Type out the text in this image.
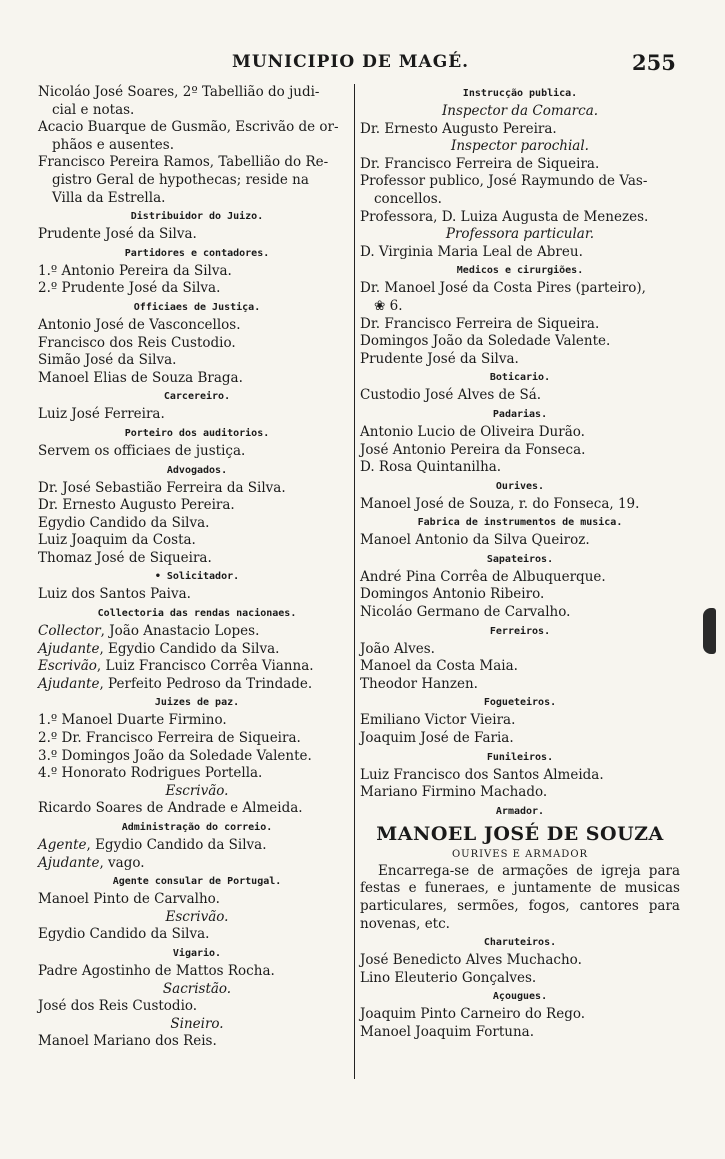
MUNICIPIO DE MAGÉ.	255
Nicoláo José Soares, 2º Tabellião do judi-
cial e notas.
Acacio Buarque de Gusmão, Escrivão de or-
phãos e ausentes.
Francisco Pereira Ramos, Tabellião do Re-
gistro Geral de hypothecas; reside na
Villa da Estrella.
Distribuidor do Juizo.
Prudente José da Silva.
Partidores e contadores.
1.º Antonio Pereira da Silva.
2.º Prudente José da Silva.
Officiaes de Justiça.
Antonio José de Vasconcellos.
Francisco dos Reis Custodio.
Simão José da Silva.
Manoel Elias de Souza Braga.
Carcereiro.
Luiz José Ferreira.
Porteiro dos auditorios.
Servem os officiaes de justiça.
Advogados.
Dr. José Sebastião Ferreira da Silva.
Dr. Ernesto Augusto Pereira.
Egydio Candido da Silva.
Luiz Joaquim da Costa.
Thomaz José de Siqueira.
• Solicitador.
Luiz dos Santos Paiva.
Collectoria das rendas nacionaes.
Collector, João Anastacio Lopes.
Ajudante, Egydio Candido da Silva.
Escrivão, Luiz Francisco Corrêa Vianna.
Ajudante, Perfeito Pedroso da Trindade.
Juizes de paz.
1.º Manoel Duarte Firmino.
2.º Dr. Francisco Ferreira de Siqueira.
3.º Domingos João da Soledade Valente.
4.º Honorato Rodrigues Portella.
Escrivão.
Ricardo Soares de Andrade e Almeida.
Administração do correio.
Agente, Egydio Candido da Silva.
Ajudante, vago.
Agente consular de Portugal.
Manoel Pinto de Carvalho.
Escrivão.
Egydio Candido da Silva.
Vigario.
Padre Agostinho de Mattos Rocha.
Sacristão.
José dos Reis Custodio.
Sineiro.
Manoel Mariano dos Reis.
Instrucção publica.
Inspector da Comarca.
Dr. Ernesto Augusto Pereira.
Inspector parochial.
Dr. Francisco Ferreira de Siqueira.
Professor publico, José Raymundo de Vas-
concellos.
Professora, D. Luiza Augusta de Menezes.
Professora particular.
D. Virginia Maria Leal de Abreu.
Medicos e cirurgiões.
Dr. Manoel José da Costa Pires (parteiro),
❀ 6.
Dr. Francisco Ferreira de Siqueira.
Domingos João da Soledade Valente.
Prudente José da Silva.
Boticario.
Custodio José Alves de Sá.
Padarias.
Antonio Lucio de Oliveira Durão.
José Antonio Pereira da Fonseca.
D. Rosa Quintanilha.
Ourives.
Manoel José de Souza, r. do Fonseca, 19.
Fabrica de instrumentos de musica.
Manoel Antonio da Silva Queiroz.
Sapateiros.
André Pina Corrêa de Albuquerque.
Domingos Antonio Ribeiro.
Nicoláo Germano de Carvalho.
Ferreiros.
João Alves.
Manoel da Costa Maia.
Theodor Hanzen.
Fogueteiros.
Emiliano Victor Vieira.
Joaquim José de Faria.
Funileiros.
Luiz Francisco dos Santos Almeida.
Mariano Firmino Machado.
Armador.
MANOEL JOSÉ DE SOUZA
OURIVES E ARMADOR
Encarrega-se de armações de igreja para festas e funeraes, e juntamente de musicas particulares, sermões, fogos, cantores para novenas, etc.
Charuteiros.
José Benedicto Alves Muchacho.
Lino Eleuterio Gonçalves.
Açougues.
Joaquim Pinto Carneiro do Rego.
Manoel Joaquim Fortuna.
